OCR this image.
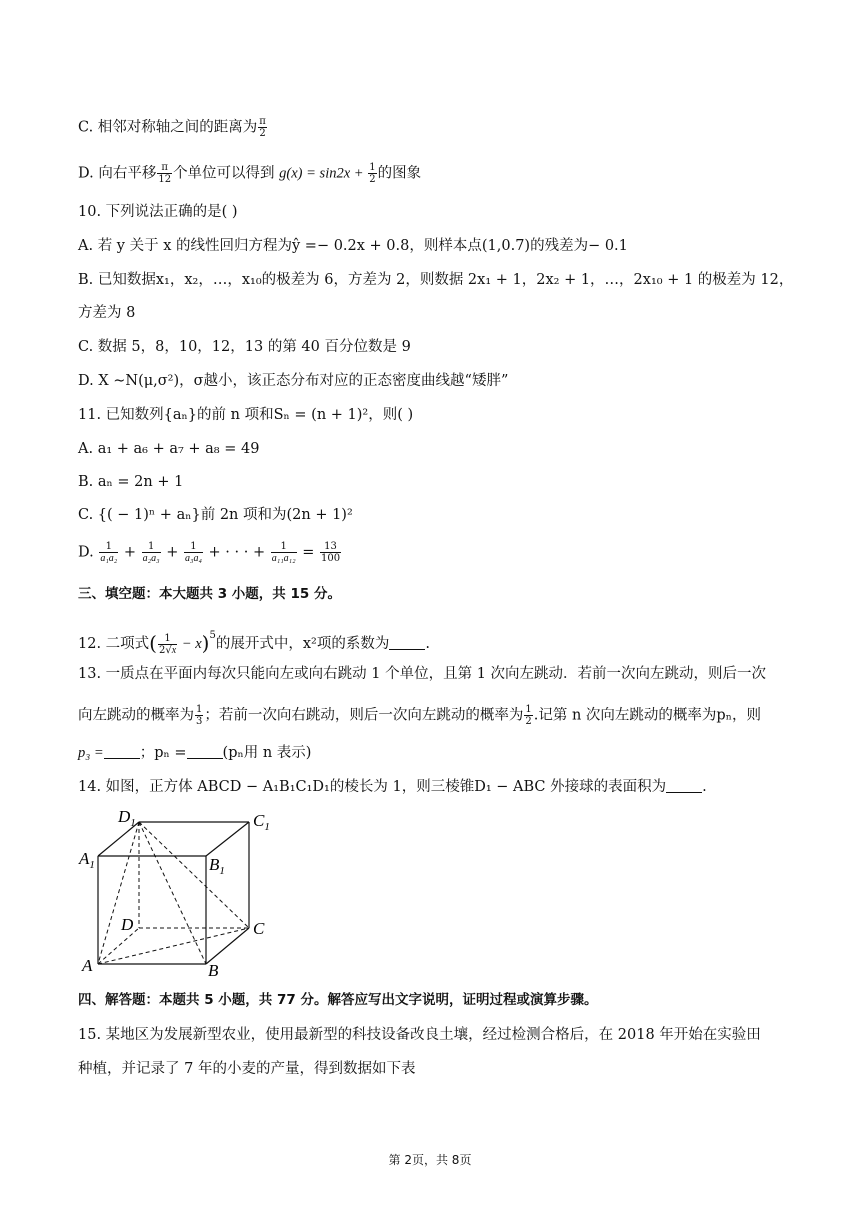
C. 相邻对称轴之间的距离为 $\frac{\pi}{2}$
D. 向右平移 $\frac{\pi}{12}$ 个单位可以得到 $g(x) = \sin 2x + \frac{1}{2}$ 的图象
10. 下列说法正确的是( )
A. 若 y 关于 x 的线性回归方程为ŷ =− 0.2x + 0.8，则样本点(1,0.7)的残差为− 0.1
B. 已知数据x₁，x₂，…，x₁₀的极差为 6，方差为 2，则数据 2x₁ + 1，2x₂ + 1，…，2x₁₀ + 1 的极差为 12，
方差为 8
C. 数据 5，8，10，12，13 的第 40 百分位数是 9
D. X ∼N(μ,σ²)，σ越小，该正态分布对应的正态密度曲线越“矮胖”
11. 已知数列{aₙ}的前 n 项和Sₙ = (n + 1)²，则( )
A. a₁ + a₆ + a₇ + a₈ = 49
B. aₙ = 2n + 1
C. {( − 1)ⁿ + aₙ}前 2n 项和为(2n + 1)²
D. $\frac{1}{\text{a₁a₂}} + \frac{1}{\text{a₂a₃}} + \frac{1}{\text{a₃a₄}}$ + · · · + $\frac{1}{\text{a₁₁a₁₂}} = \frac{13}{100}$
三、填空题：本大题共 3 小题，共 15 分。
12. 二项式( $\frac{1}{2√x} - x)^5$的展开式中，x²项的系数为 .
13. 一质点在平面内每次只能向左或向右跳动 1 个单位，且第 1 次向左跳动．若前一次向左跳动，则后一次
向左跳动的概率为 $\frac{1}{3}$ ；若前一次向右跳动，则后一次向左跳动的概率为 $\frac{1}{2}$ .记第 n 次向左跳动的概率为pₙ，则
p₃ = ；pₙ = (pₙ用 n 表示)
14. 如图，正方体 ABCD − A₁B₁C₁D₁的棱长为 1，则三棱锥D₁ − ABC 外接球的表面积为 .
$D_1$	$C_1$
$A_1$	$B_1$
D	C
A	B
四、解答题：本题共 5 小题，共 77 分。解答应写出文字说明，证明过程或演算步骤。
15. 某地区为发展新型农业，使用最新型的科技设备改良土壤，经过检测合格后，在 2018 年开始在实验田
种植，并记录了 7 年的小麦的产量，得到数据如下表
第 2页，共 8页
